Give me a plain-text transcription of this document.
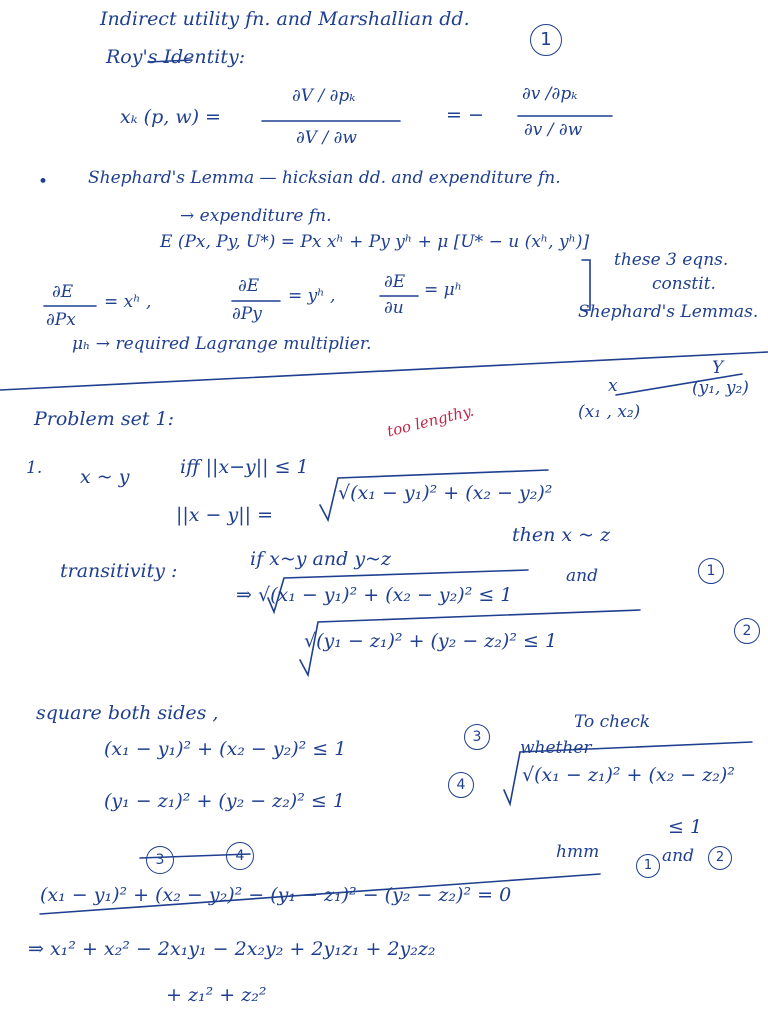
1
Indirect utility fn. and Marshallian dd.
Roy's Identity:
xₖ (p, w) =
∂V / ∂pₖ
∂V / ∂w
= −
∂v /∂pₖ
∂v / ∂w
• Shephard's Lemma — hicksian dd. and expenditure fn.
→ expenditure fn.
E (Px, Py, U*) = Px xʰ + Py yʰ + μ [U* − u (xʰ, yʰ)]
∂E
∂Px
= xʰ ,
∂E
∂Py
= yʰ ,
∂E
∂u
= μʰ
these 3 eqns.
constit.
Shephard's Lemmas.
μₕ → required Lagrange multiplier.
Problem set 1:	too lengthy.
x
Y
(y₁, y₂)
(x₁ , x₂)
1. x ~ y	iff ||x−y|| ≤ 1
||x − y|| =
√(x₁ − y₁)² + (x₂ − y₂)²
transitivity :
if x~y and y~z
then x ~ z
⇒ √(x₁ − y₁)² + (x₂ − y₂)² ≤ 1
and	1
√(y₁ − z₁)² + (y₂ − z₂)² ≤ 1	2
square both sides ,
(x₁ − y₁)² + (x₂ − y₂)² ≤ 1
3
(y₁ − z₁)² + (y₂ − z₂)² ≤ 1
4
To check
whether
√(x₁ − z₁)² + (x₂ − z₂)²
≤ 1
3	4	hmm
1 and	2
(x₁ − y₁)² + (x₂ − y₂)² − (y₁ − z₁)² − (y₂ − z₂)² = 0
⇒ x₁² + x₂² − 2x₁y₁ − 2x₂y₂ + 2y₁z₁ + 2y₂z₂
+ z₁² + z₂²
